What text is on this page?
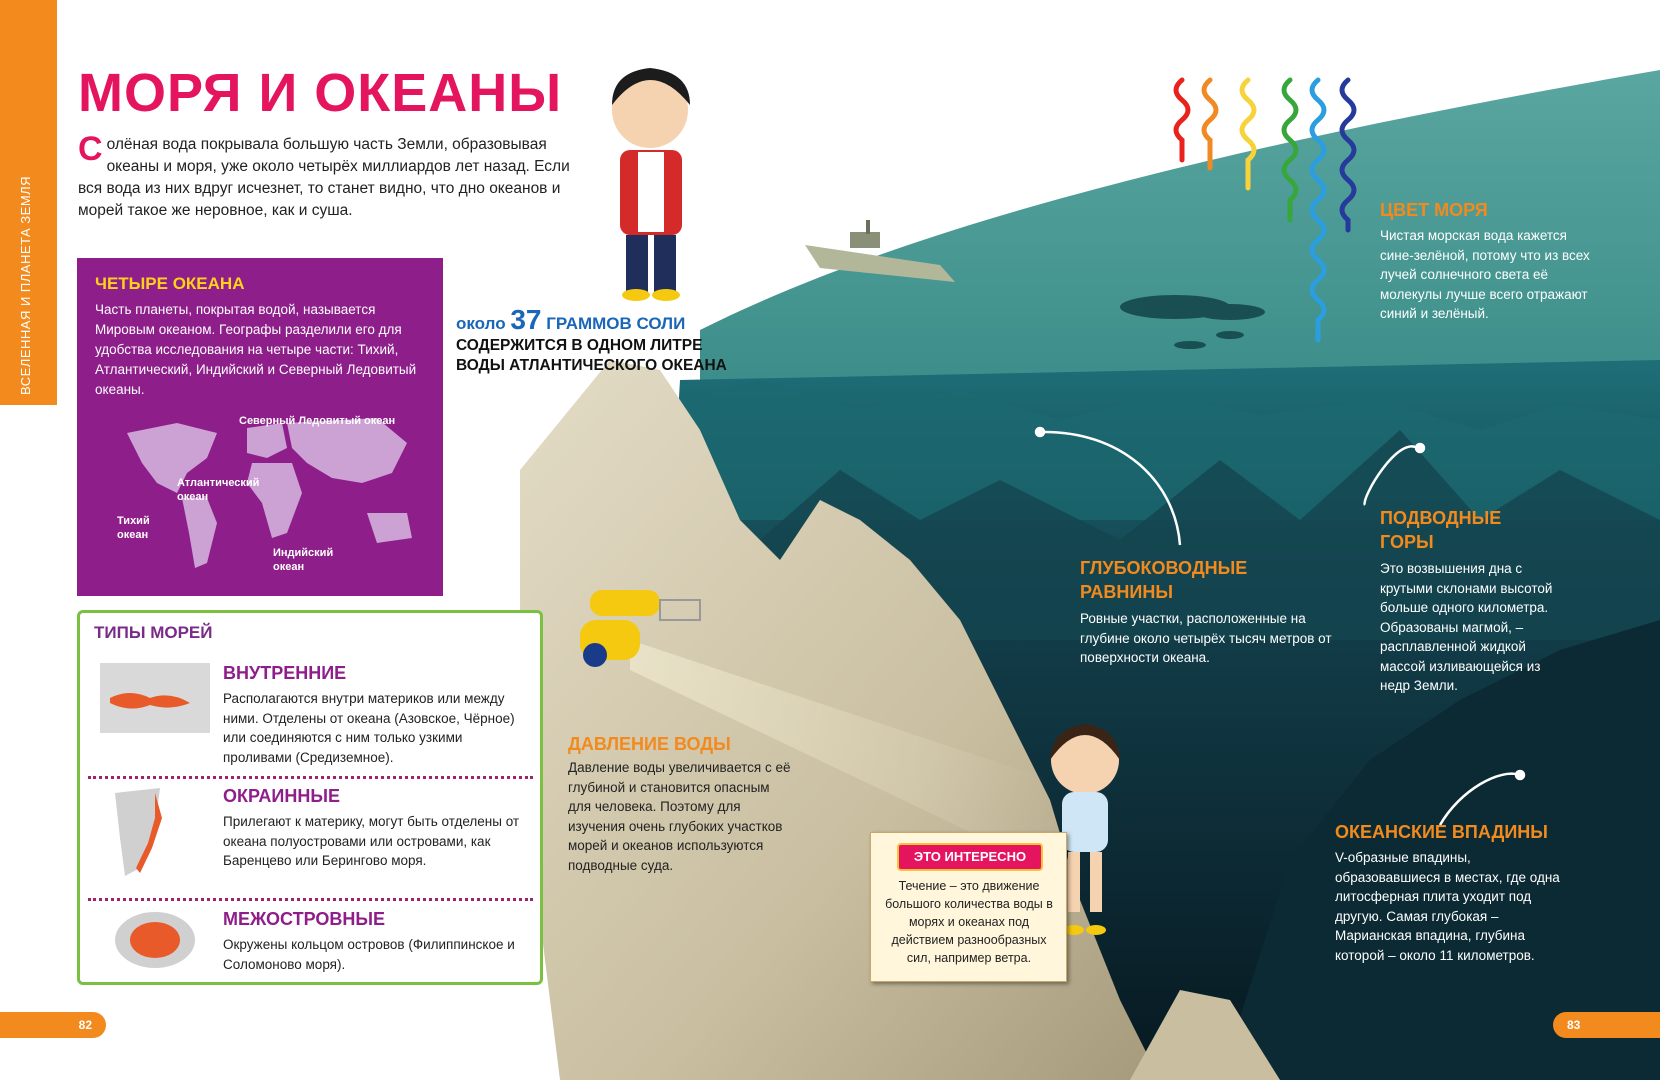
ВСЕЛЕННАЯ И ПЛАНЕТА ЗЕМЛЯ
МОРЯ И ОКЕАНЫ
Солёная вода покрывала большую часть Земли, образовывая океаны и моря, уже около четырёх миллиардов лет назад. Если вся вода из них вдруг исчезнет, то станет видно, что дно океанов и морей такое же неровное, как и суша.
ЧЕТЫРЕ ОКЕАНА
Часть планеты, покрытая водой, называется Мировым океаном. Географы разделили его для удобства исследования на четыре части: Тихий, Атлантический, Индийский и Северный Ледовитый океаны.
Северный Ледовитый океан
Атлантический океан
Тихий океан
Индийский океан
ТИПЫ МОРЕЙ
ВНУТРЕННИЕ
Располагаются внутри материков или между ними. Отделены от океана (Азовское, Чёрное) или соединяются с ним только узкими проливами (Средиземное).
ОКРАИННЫЕ
Прилегают к материку, могут быть отделены от океана полуостровами или островами, как Баренцево или Берингово моря.
МЕЖОСТРОВНЫЕ
Окружены кольцом островов (Филиппинское и Соломоново моря).
около 37 ГРАММОВ СОЛИ
СОДЕРЖИТСЯ В ОДНОМ ЛИТРЕ ВОДЫ АТЛАНТИЧЕСКОГО ОКЕАНА
ДАВЛЕНИЕ ВОДЫ
Давление воды увеличивается с её глубиной и становится опасным для человека. Поэтому для изучения очень глубоких участков морей и океанов используются подводные суда.
ЦВЕТ МОРЯ
Чистая морская вода кажется сине-зелёной, потому что из всех лучей солнечного света её молекулы лучше всего отражают синий и зелёный.
ГЛУБОКОВОДНЫЕ
РАВНИНЫ
Ровные участки, расположенные на глубине около четырёх тысяч метров от поверхности океана.
ПОДВОДНЫЕ
ГОРЫ
Это возвышения дна с крутыми склонами высотой больше одного километра. Образованы магмой, – расплавленной жидкой массой изливающейся из недр Земли.
ОКЕАНСКИЕ ВПАДИНЫ
V-образные впадины, образовавшиеся в местах, где одна литосферная плита уходит под другую. Самая глубокая – Марианская впадина, глубина которой – около 11 километров.
ЭТО ИНТЕРЕСНО
Течение – это движение большого количества воды в морях и океанах под действием разнообразных сил, например ветра.
82	83
